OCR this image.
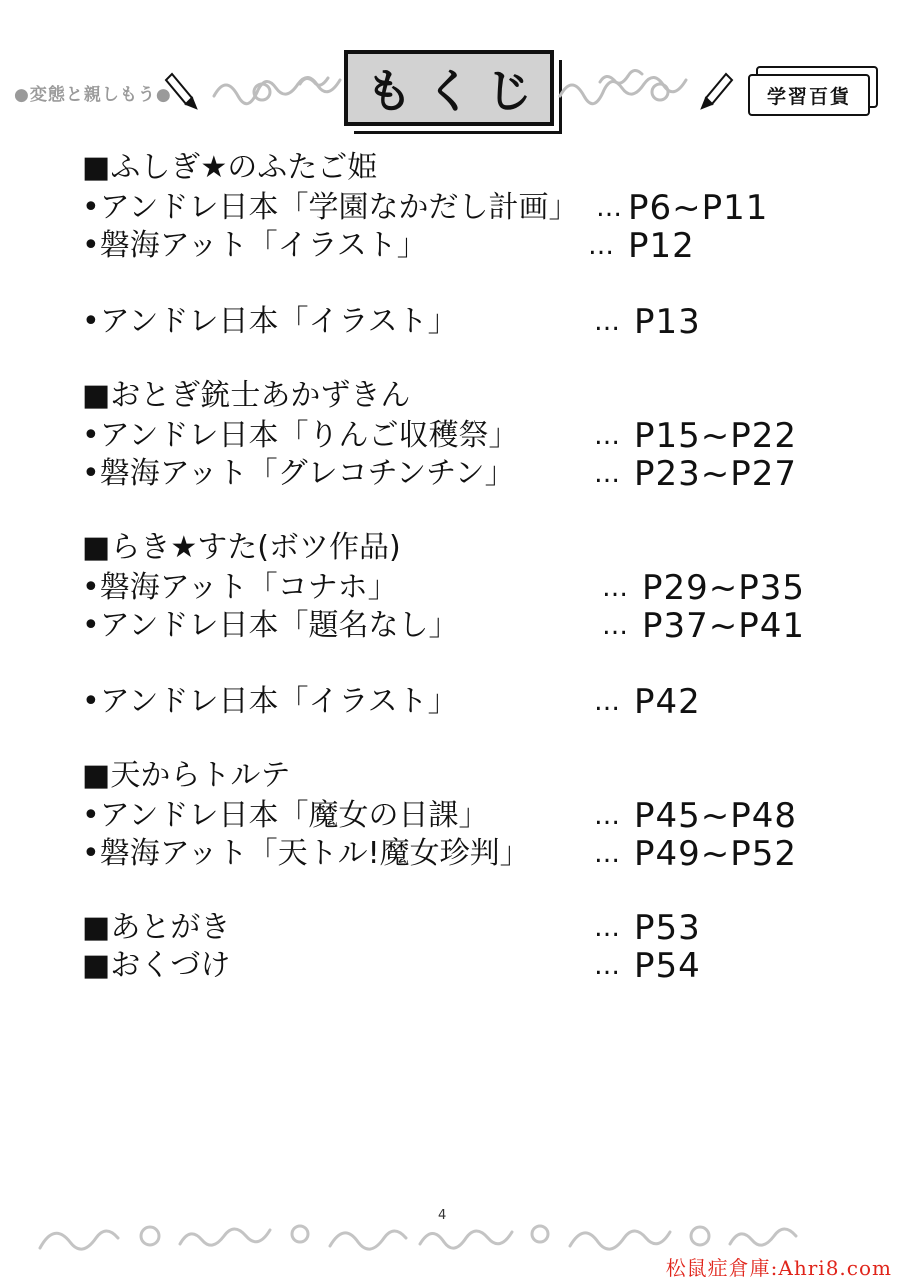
●変態と親しもう●	もくじ	学習百貨
■ふしぎ★のふたご姫
•アンドレ日本「学園なかだし計画」 … P6~P11
•磐海アット「イラスト」	… P12
•アンドレ日本「イラスト」	… P13
■おとぎ銃士あかずきん
•アンドレ日本「りんご収穫祭」	… P15~P22
•磐海アット「グレコチンチン」	… P23~P27
■らき★すた(ボツ作品)
•磐海アット「コナホ」	… P29~P35
•アンドレ日本「題名なし」	… P37~P41
•アンドレ日本「イラスト」	… P42
■天からトルテ
•アンドレ日本「魔女の日課」	… P45~P48
•磐海アット「天トル!魔女珍判」 … P49~P52
■あとがき	… P53
■おくづけ	… P54
4
松鼠症倉庫:Ahri8.com
